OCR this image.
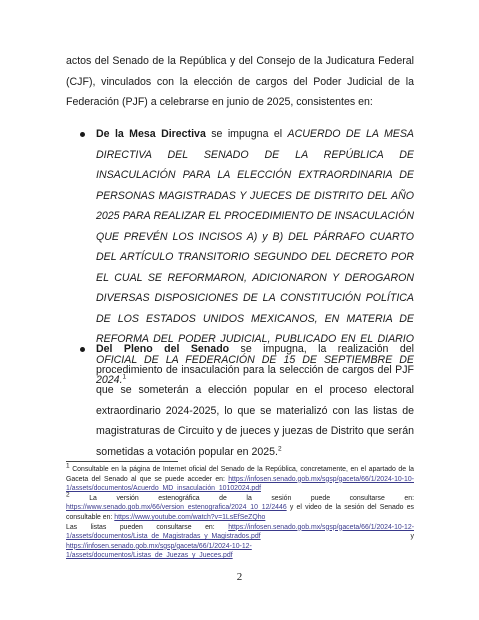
actos del Senado de la República y del Consejo de la Judicatura Federal (CJF), vinculados con la elección de cargos del Poder Judicial de la Federación (PJF) a celebrarse en junio de 2025, consistentes en:

De la Mesa Directiva se impugna el ACUERDO DE LA MESA DIRECTIVA DEL SENADO DE LA REPÚBLICA DE INSACULACIÓN PARA LA ELECCIÓN EXTRAORDINARIA DE PERSONAS MAGISTRADAS Y JUECES DE DISTRITO DEL AÑO 2025 PARA REALIZAR EL PROCEDIMIENTO DE INSACULACIÓN QUE PREVÉN LOS INCISOS A) y B) DEL PÁRRAFO CUARTO DEL ARTÍCULO TRANSITORIO SEGUNDO DEL DECRETO POR EL CUAL SE REFORMARON, ADICIONARON Y DEROGARON DIVERSAS DISPOSICIONES DE LA CONSTITUCIÓN POLÍTICA DE LOS ESTADOS UNIDOS MEXICANOS, EN MATERIA DE REFORMA DEL PODER JUDICIAL, PUBLICADO EN EL DIARIO OFICIAL DE LA FEDERACIÓN DE 15 DE SEPTIEMBRE DE 2024.$^1$
Del Pleno del Senado se impugna, la realización del procedimiento de insaculación para la selección de cargos del PJF que se someterán a elección popular en el proceso electoral extraordinario 2024-2025, lo que se materializó con las listas de magistraturas de Circuito y de jueces y juezas de Distrito que serán sometidas a votación popular en 2025.$^2$

$^1$ Consultable en la página de Internet oficial del Senado de la República, concretamente, en el apartado de la Gaceta del Senado al que se puede acceder en: https://infosen.senado.gob.mx/sgsp/gaceta/66/1/2024-10-10-1/assets/documentos/Acuerdo_MD_insaculación_10102024.pdf

$^2$ La versión estenográfica de la sesión puede consultarse en: https://www.senado.gob.mx/66/version_estenografica/2024_10_12/2446 y el video de la sesión del Senado es consultable en: https://www.youtube.com/watch?v=1LsEfSeZQho

Las listas pueden consultarse en: https://infosen.senado.gob.mx/sgsp/gaceta/66/1/2024-10-12-1/assets/documentos/Lista_de_Magistradas_y_Magistrados.pdf y https://infosen.senado.gob.mx/sgsp/gaceta/66/1/2024-10-12-1/assets/documentos/Listas_de_Juezas_y_Jueces.pdf

2
